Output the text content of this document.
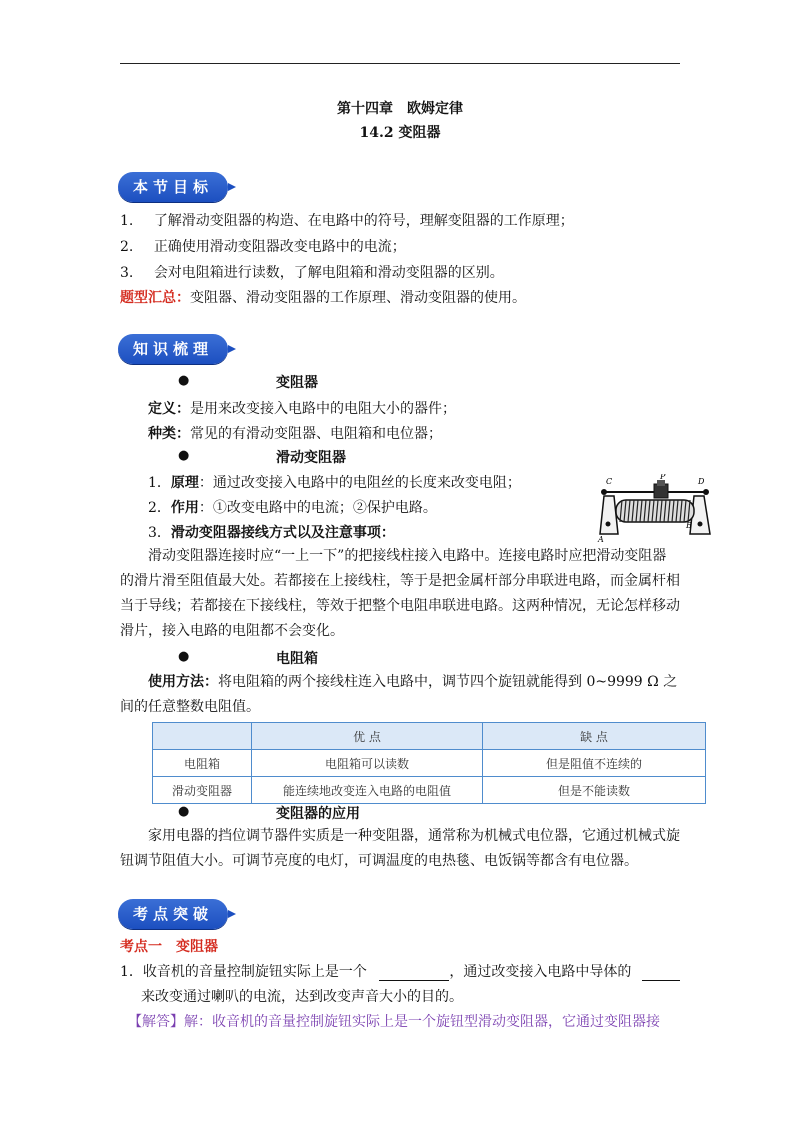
第十四章　欧姆定律
14.2 变阻器
本节目标
1. 了解滑动变阻器的构造、在电路中的符号，理解变阻器的工作原理；
2. 正确使用滑动变阻器改变电路中的电流；
3. 会对电阻箱进行读数，了解电阻箱和滑动变阻器的区别。
题型汇总：变阻器、滑动变阻器的工作原理、滑动变阻器的使用。
知识梳理
●	变阻器
定义：是用来改变接入电路中的电阻大小的器件；
种类：常见的有滑动变阻器、电阻箱和电位器；
●	滑动变阻器
1．原理：通过改变接入电路中的电阻丝的长度来改变电阻；
2．作用：①改变电路中的电流；②保护电路。
3．滑动变阻器接线方式以及注意事项：
C
P
D
A
B
滑动变阻器连接时应“一上一下”的把接线柱接入电路中。连接电路时应把滑动变阻器的滑片滑至阻值最大处。若都接在上接线柱，等于是把金属杆部分串联进电路，而金属杆相当于导线；若都接在下接线柱，等效于把整个电阻串联进电路。这两种情况，无论怎样移动滑片，接入电路的电阻都不会变化。
●	电阻箱
使用方法：将电阻箱的两个接线柱连入电路中，调节四个旋钮就能得到 0~9999 Ω 之间的任意整数电阻值。
	优 点	缺 点
电阻箱	电阻箱可以读数	但是阻值不连续的
滑动变阻器	能连续地改变连入电路的电阻值	但是不能读数
●	变阻器的应用
家用电器的挡位调节器件实质是一种变阻器，通常称为机械式电位器，它通过机械式旋钮调节阻值大小。可调节亮度的电灯，可调温度的电热毯、电饭锅等都含有电位器。
考点突破
考点一　变阻器
1．收音机的音量控制旋钮实际上是一个	，通过改变接入电路中导体的
来改变通过喇叭的电流，达到改变声音大小的目的。
【解答】解：收音机的音量控制旋钮实际上是一个旋钮型滑动变阻器，它通过变阻器接
